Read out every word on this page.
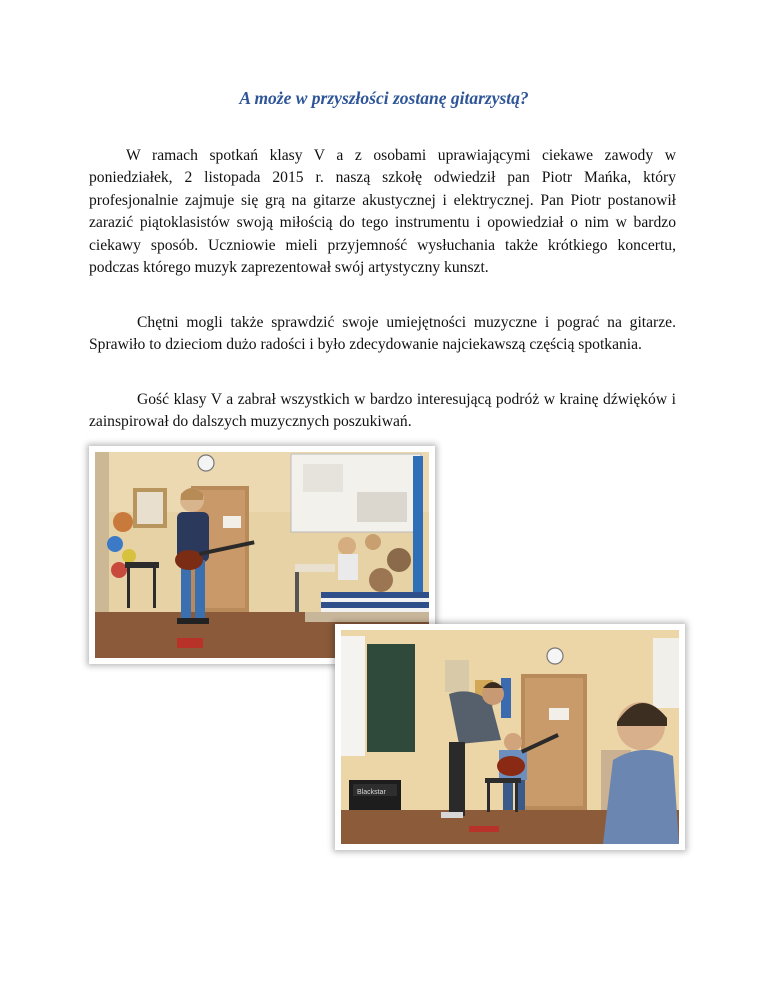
A może w przyszłości zostanę gitarzystą?

W ramach spotkań klasy V a z osobami uprawiającymi ciekawe zawody w poniedziałek, 2 listopada 2015 r. naszą szkołę odwiedził pan Piotr Mańka, który profesjonalnie zajmuje się grą na gitarze akustycznej i elektrycznej. Pan Piotr postanowił zarazić piątoklasistów swoją miłością do tego instrumentu i opowiedział o nim w bardzo ciekawy sposób. Uczniowie mieli przyjemność wysłuchania także krótkiego koncertu, podczas którego muzyk zaprezentował swój artystyczny kunszt.

Chętni mogli także sprawdzić swoje umiejętności muzyczne i pograć na gitarze. Sprawiło to dzieciom dużo radości i było zdecydowanie najciekawszą częścią spotkania.

Gość klasy V a zabrał wszystkich w bardzo interesującą podróż w krainę dźwięków i zainspirował do dalszych muzycznych poszukiwań.

Blackstar
